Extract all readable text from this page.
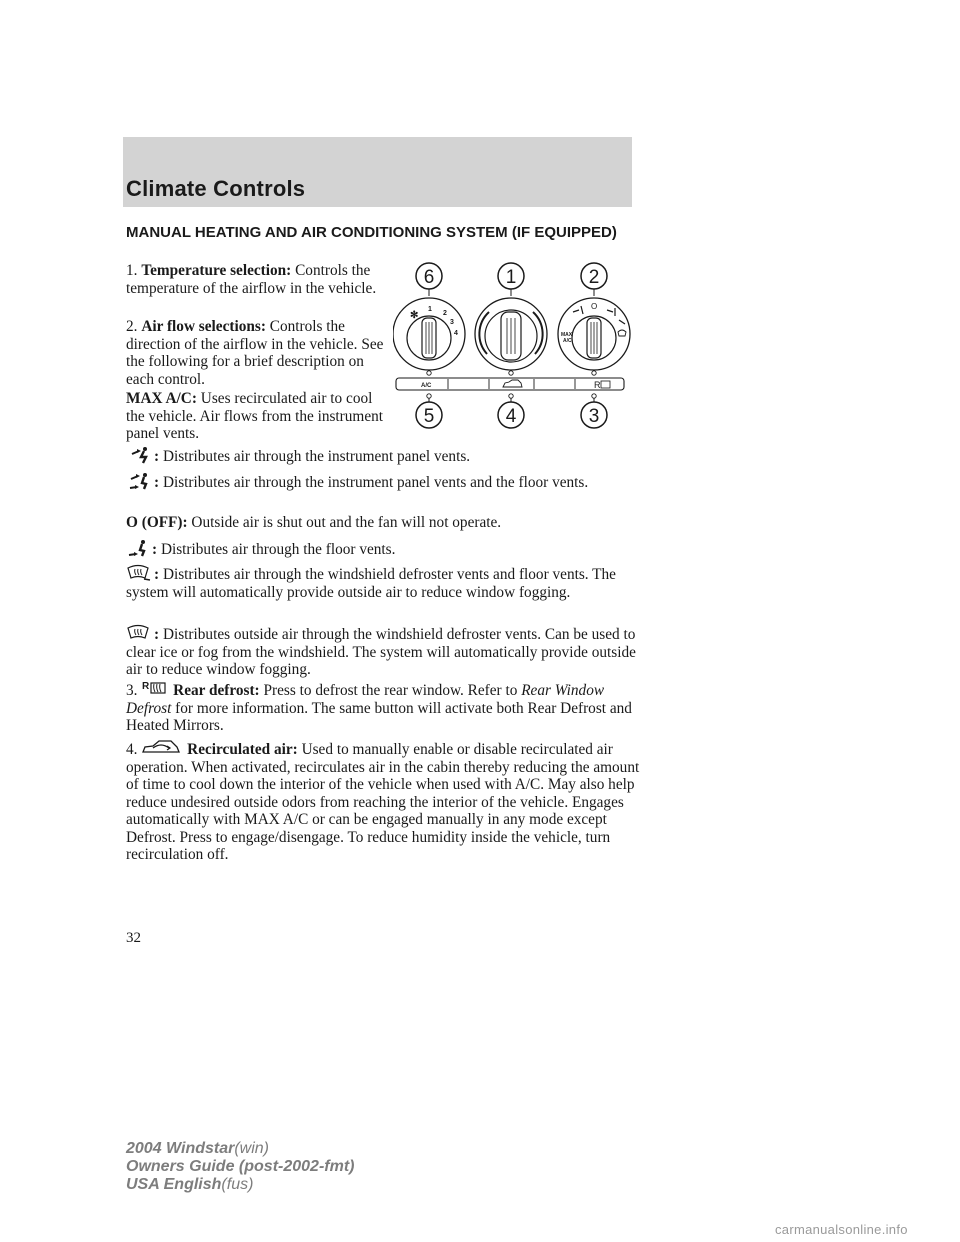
Climate Controls
MANUAL HEATING AND AIR CONDITIONING SYSTEM (IF EQUIPPED)
1. Temperature selection: Controls the temperature of the airflow in the vehicle.
2. Air flow selections: Controls the direction of the airflow in the vehicle. See the following for a brief description on each control.
MAX A/C: Uses recirculated air to cool the vehicle. Air flows from the instrument panel vents.
: Distributes air through the instrument panel vents.
: Distributes air through the instrument panel vents and the floor vents.
O (OFF): Outside air is shut out and the fan will not operate.
: Distributes air through the floor vents.
: Distributes air through the windshield defroster vents and floor vents. The system will automatically provide outside air to reduce window fogging.
: Distributes outside air through the windshield defroster vents. Can be used to clear ice or fog from the windshield. The system will automatically provide outside air to reduce window fogging.
3. R Rear defrost: Press to defrost the rear window. Refer to Rear Window Defrost for more information. The same button will activate both Rear Defrost and Heated Mirrors.
4.	Recirculated air: Used to manually enable or disable recirculated air operation. When activated, recirculates air in the cabin thereby reducing the amount of time to cool down the interior of the vehicle when used with A/C. May also help reduce undesired outside odors from reaching the interior of the vehicle. Engages automatically with MAX A/C or can be engaged manually in any mode except Defrost. Press to engage/disengage. To reduce humidity inside the vehicle, turn recirculation off.
6	1	2
✻
1
2
3
4
O
MAX
A/C
A/C	R
5	4	3
32
2004 Windstar(win)
Owners Guide (post-2002-fmt)
USA English(fus)
carmanualsonline.info
